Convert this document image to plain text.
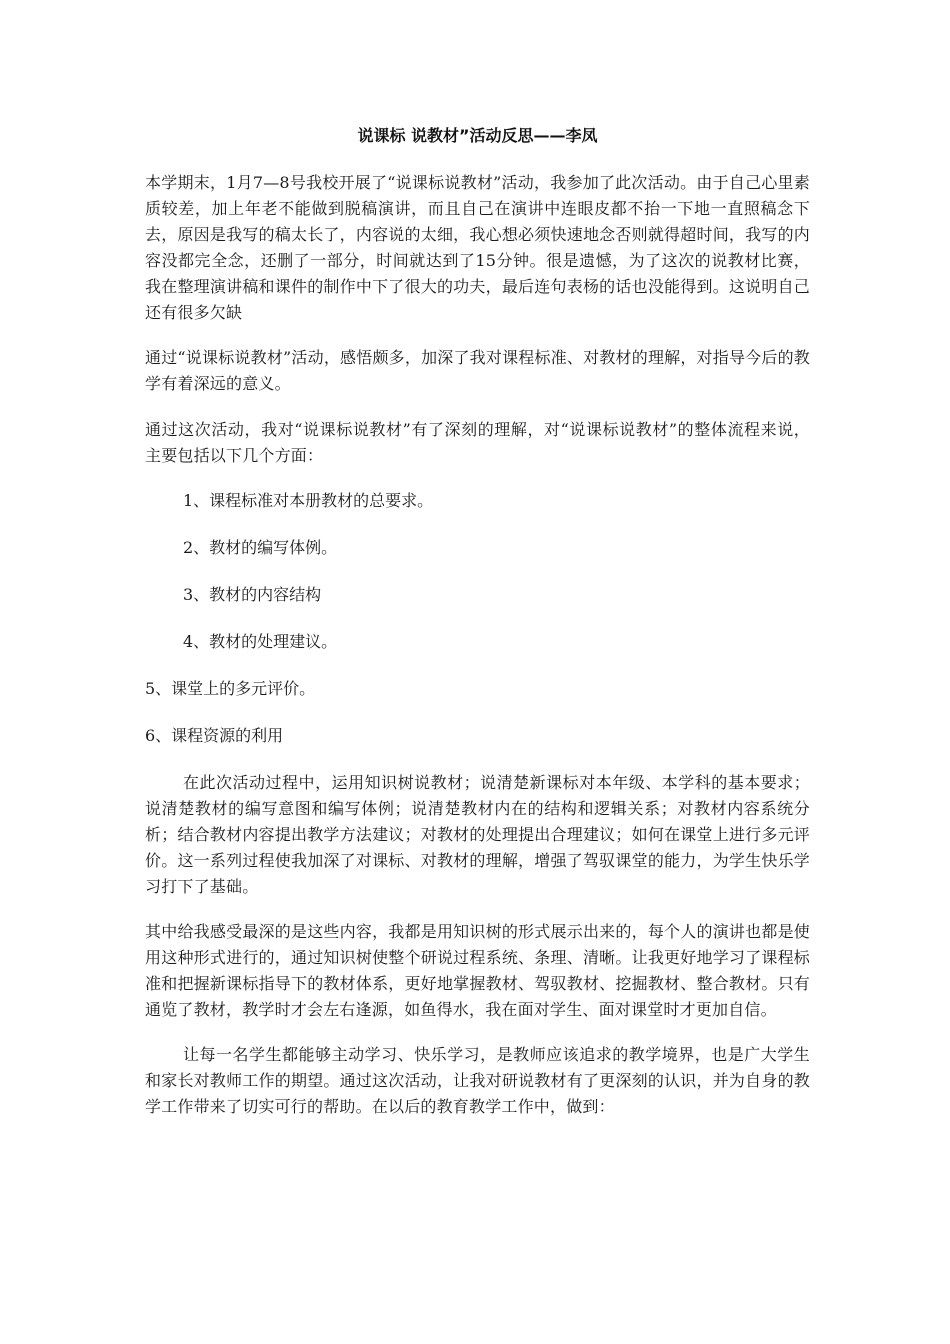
说课标 说教材”活动反思——李凤

本学期末，1月7—8号我校开展了“说课标说教材”活动，我参加了此次活动。由于自己心里素质较差，加上年老不能做到脱稿演讲，而且自己在演讲中连眼皮都不抬一下地一直照稿念下去，原因是我写的稿太长了，内容说的太细，我心想必须快速地念否则就得超时间，我写的内容没都完全念，还删了一部分，时间就达到了15分钟。很是遗憾，为了这次的说教材比赛，我在整理演讲稿和课件的制作中下了很大的功夫，最后连句表杨的话也没能得到。这说明自己还有很多欠缺

通过“说课标说教材”活动，感悟颇多，加深了我对课程标准、对教材的理解，对指导今后的教学有着深远的意义。

通过这次活动，我对“说课标说教材”有了深刻的理解，对“说课标说教材”的整体流程来说，主要包括以下几个方面：

1、课程标准对本册教材的总要求。
2、教材的编写体例。
3、教材的内容结构
4、教材的处理建议。
5、课堂上的多元评价。
6、课程资源的利用

在此次活动过程中，运用知识树说教材；说清楚新课标对本年级、本学科的基本要求；说清楚教材的编写意图和编写体例；说清楚教材内在的结构和逻辑关系；对教材内容系统分析；结合教材内容提出教学方法建议；对教材的处理提出合理建议；如何在课堂上进行多元评价。这一系列过程使我加深了对课标、对教材的理解，增强了驾驭课堂的能力，为学生快乐学习打下了基础。

其中给我感受最深的是这些内容，我都是用知识树的形式展示出来的，每个人的演讲也都是使用这种形式进行的，通过知识树使整个研说过程系统、条理、清晰。让我更好地学习了课程标准和把握新课标指导下的教材体系，更好地掌握教材、驾驭教材、挖掘教材、整合教材。只有通览了教材，教学时才会左右逢源，如鱼得水，我在面对学生、面对课堂时才更加自信。

让每一名学生都能够主动学习、快乐学习，是教师应该追求的教学境界，也是广大学生和家长对教师工作的期望。通过这次活动，让我对研说教材有了更深刻的认识，并为自身的教学工作带来了切实可行的帮助。在以后的教育教学工作中，做到：
